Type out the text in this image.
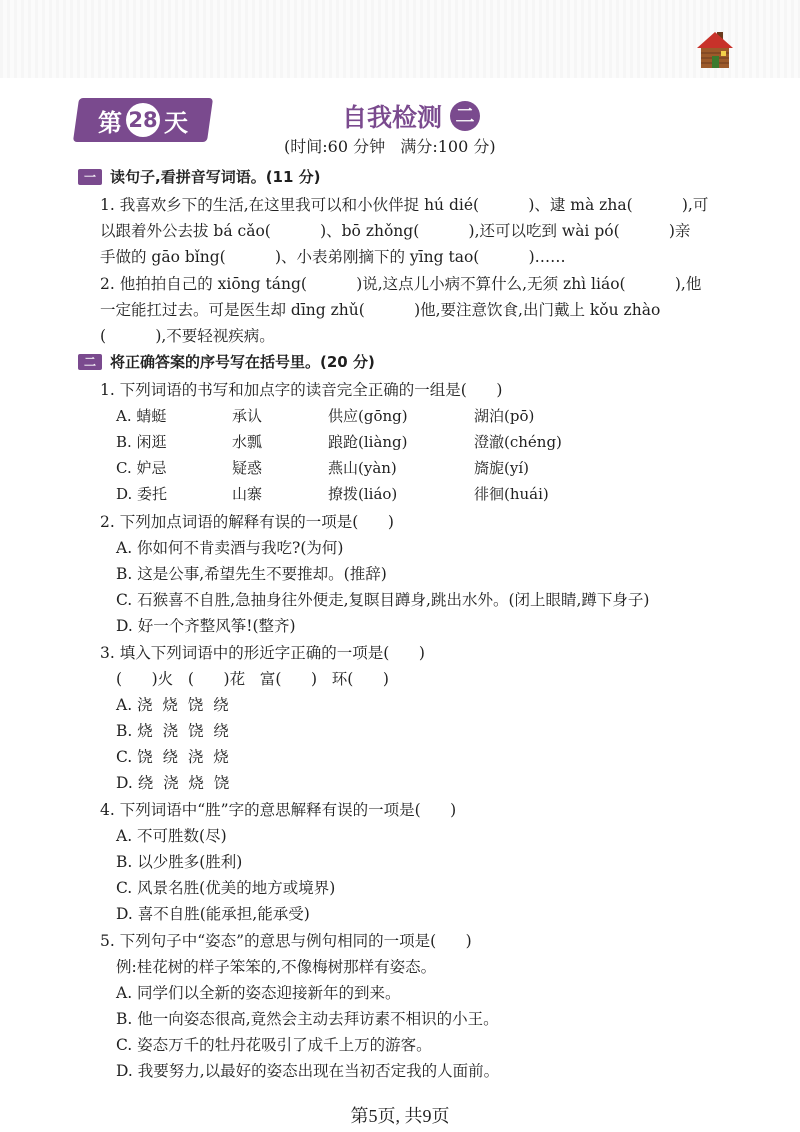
第 28 天	自我检测 二
(时间:60 分钟   满分:100 分)
一 读句子,看拼音写词语。(11 分)
1. 我喜欢乡下的生活,在这里我可以和小伙伴捉 hú dié(          )、逮 mà zha(          ),可
以跟着外公去拔 bá cǎo(          )、bō zhǒng(          ),还可以吃到 wài pó(          )亲
手做的 gāo bǐng(          )、小表弟刚摘下的 yīng tao(          )……
2. 他拍拍自己的 xiōng táng(          )说,这点儿小病不算什么,无须 zhì liáo(          ),他
一定能扛过去。可是医生却 dīng zhǔ(          )他,要注意饮食,出门戴上 kǒu zhào
(          ),不要轻视疾病。
二 将正确答案的序号写在括号里。(20 分)
1. 下列词语的书写和加点字的读音完全正确的一组是(      )
A. 蜻蜓	承认	供应(gōng)	湖泊(pō)
B. 闲逛	水瓢	踉跄(liàng)	澄澈(chéng)
C. 妒忌	疑惑	燕山(yàn)	旖旎(yí)
D. 委托	山寨	撩拨(liáo)	徘徊(huái)
2. 下列加点词语的解释有误的一项是(      )
A. 你如何不肯卖酒与我吃?(为何)
B. 这是公事,希望先生不要推却。(推辞)
C. 石猴喜不自胜,急抽身往外便走,复瞑目蹲身,跳出水外。(闭上眼睛,蹲下身子)
D. 好一个齐整风筝!(整齐)
3. 填入下列词语中的形近字正确的一项是(      )
(      )火   (      )花   富(      )   环(      )
A. 浇  烧  饶  绕
B. 烧  浇  饶  绕
C. 饶  绕  浇  烧
D. 绕  浇  烧  饶
4. 下列词语中“胜”字的意思解释有误的一项是(      )
A. 不可胜数(尽)
B. 以少胜多(胜利)
C. 风景名胜(优美的地方或境界)
D. 喜不自胜(能承担,能承受)
5. 下列句子中“姿态”的意思与例句相同的一项是(      )
例:桂花树的样子笨笨的,不像梅树那样有姿态。
A. 同学们以全新的姿态迎接新年的到来。
B. 他一向姿态很高,竟然会主动去拜访素不相识的小王。
C. 姿态万千的牡丹花吸引了成千上万的游客。
D. 我要努力,以最好的姿态出现在当初否定我的人面前。
第5页, 共9页
